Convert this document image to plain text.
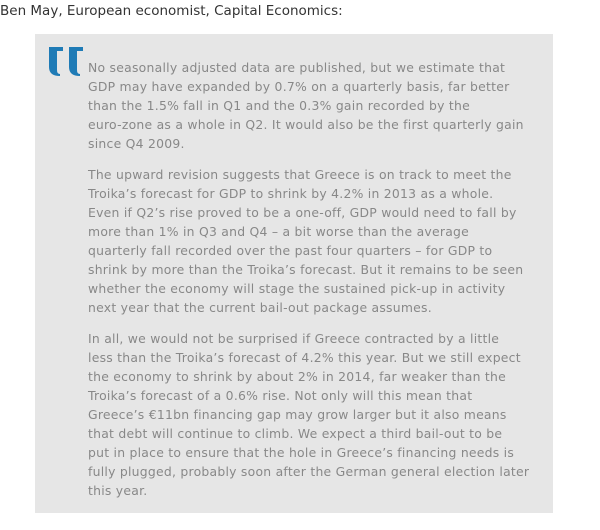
Ben May, European economist, Capital Economics:

No seasonally adjusted data are published, but we estimate that
GDP may have expanded by 0.7% on a quarterly basis, far better
than the 1.5% fall in Q1 and the 0.3% gain recorded by the
euro-zone as a whole in Q2. It would also be the first quarterly gain
since Q4 2009.

The upward revision suggests that Greece is on track to meet the
Troika’s forecast for GDP to shrink by 4.2% in 2013 as a whole.
Even if Q2’s rise proved to be a one-off, GDP would need to fall by
more than 1% in Q3 and Q4 – a bit worse than the average
quarterly fall recorded over the past four quarters – for GDP to
shrink by more than the Troika’s forecast. But it remains to be seen
whether the economy will stage the sustained pick-up in activity
next year that the current bail-out package assumes.

In all, we would not be surprised if Greece contracted by a little
less than the Troika’s forecast of 4.2% this year. But we still expect
the economy to shrink by about 2% in 2014, far weaker than the
Troika’s forecast of a 0.6% rise. Not only will this mean that
Greece’s €11bn financing gap may grow larger but it also means
that debt will continue to climb. We expect a third bail-out to be
put in place to ensure that the hole in Greece’s financing needs is
fully plugged, probably soon after the German general election later
this year.
